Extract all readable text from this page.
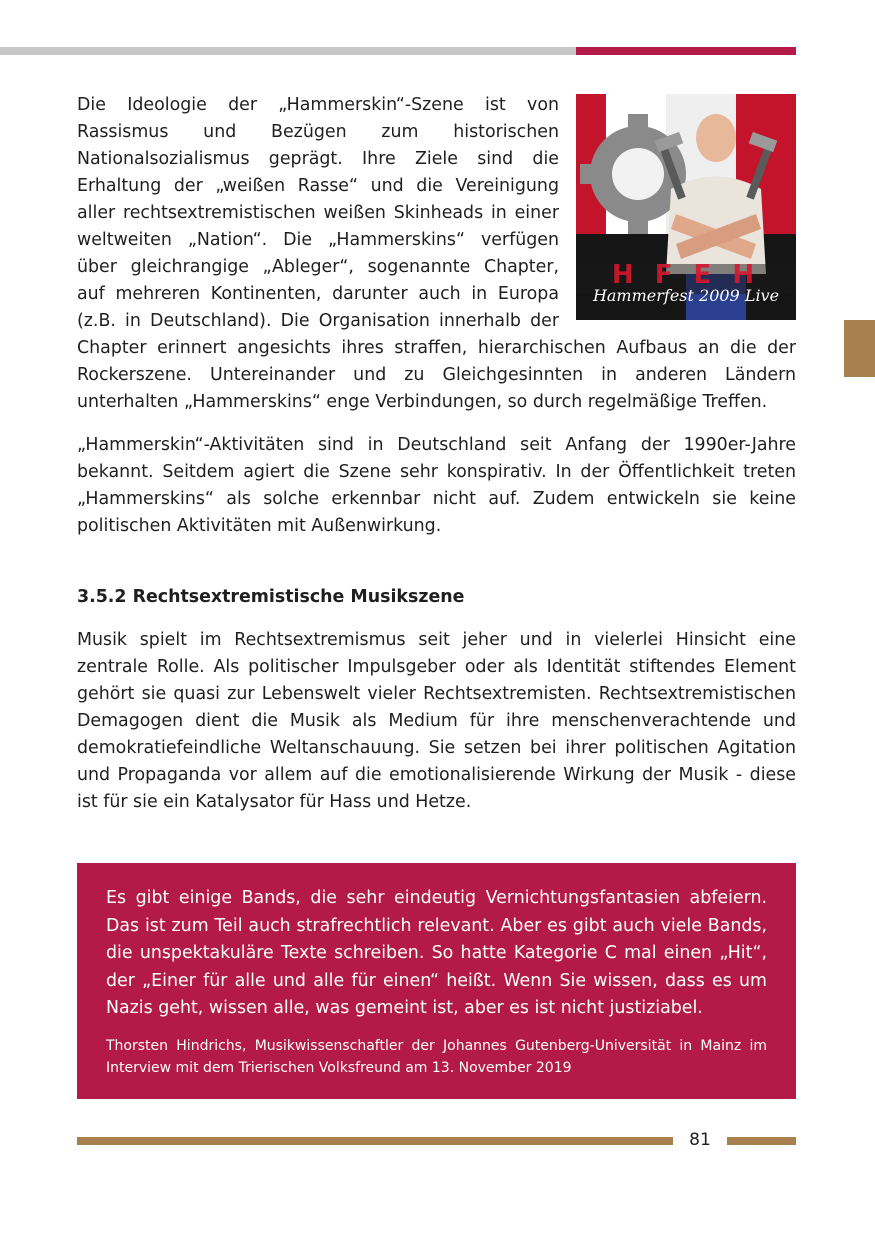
H F E H
Hammerfest 2009 Live

Die Ideologie der „Hammerskin“-Szene ist von Rassismus und Bezügen zum historischen Nationalsozialismus geprägt. Ihre Ziele sind die Erhaltung der „weißen Rasse“ und die Vereinigung aller rechtsextremistischen weißen Skinheads in einer weltweiten „Nation“. Die „Hammerskins“ verfügen über gleichrangige „Ableger“, sogenannte Chapter, auf mehreren Kontinenten, darunter auch in Europa (z.B. in Deutschland). Die Organisation innerhalb der Chapter erinnert angesichts ihres straffen, hierarchischen Aufbaus an die der Rockerszene. Untereinander und zu Gleichgesinnten in anderen Ländern unterhalten „Hammerskins“ enge Verbindungen, so durch regelmäßige Treffen.

„Hammerskin“-Aktivitäten sind in Deutschland seit Anfang der 1990er-Jahre bekannt. Seitdem agiert die Szene sehr konspirativ. In der Öffentlichkeit treten „Hammerskins“ als solche erkennbar nicht auf. Zudem entwickeln sie keine politischen Aktivitäten mit Außenwirkung.

3.5.2 Rechtsextremistische Musikszene

Musik spielt im Rechtsextremismus seit jeher und in vielerlei Hinsicht eine zentrale Rolle. Als politischer Impulsgeber oder als Identität stiftendes Element gehört sie quasi zur Lebenswelt vieler Rechtsextremisten. Rechtsextremistischen Demagogen dient die Musik als Medium für ihre menschenverachtende und demokratiefeindliche Weltanschauung. Sie setzen bei ihrer politischen Agitation und Propaganda vor allem auf die emotionalisierende Wirkung der Musik - diese ist für sie ein Katalysator für Hass und Hetze.

Es gibt einige Bands, die sehr eindeutig Vernichtungsfantasien abfeiern. Das ist zum Teil auch strafrechtlich relevant. Aber es gibt auch viele Bands, die unspektakuläre Texte schreiben. So hatte Kategorie C mal einen „Hit“, der „Einer für alle und alle für einen“ heißt. Wenn Sie wissen, dass es um Nazis geht, wissen alle, was gemeint ist, aber es ist nicht justiziabel.

Thorsten Hindrichs, Musikwissenschaftler der Johannes Gutenberg-Universität in Mainz im Interview mit dem Trierischen Volksfreund am 13. November 2019
81
